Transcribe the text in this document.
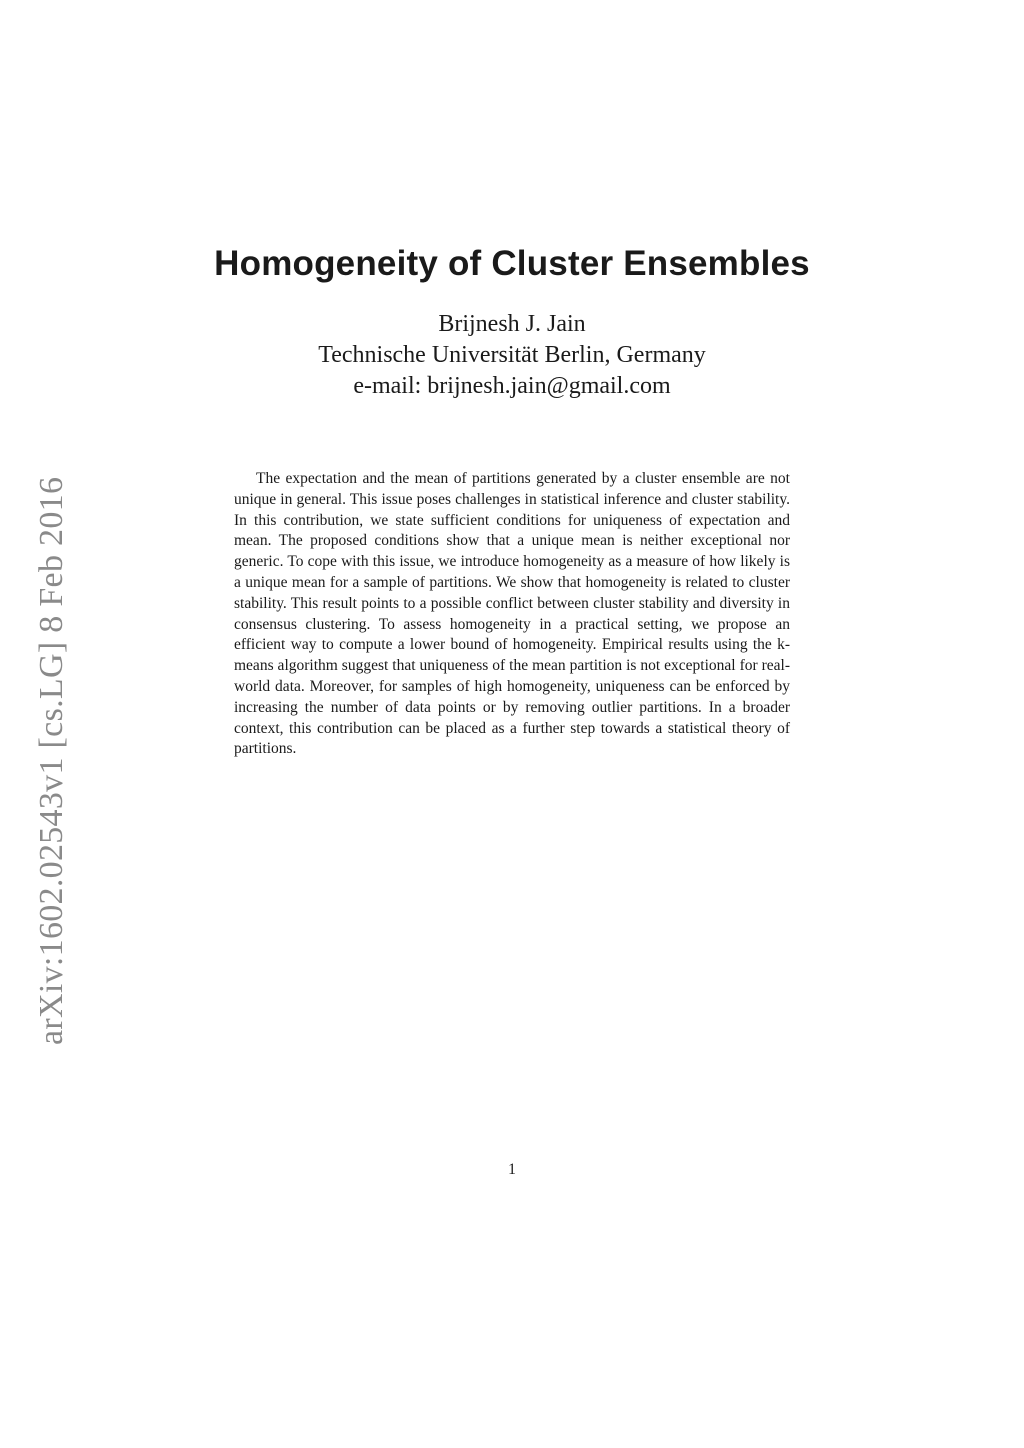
Homogeneity of Cluster Ensembles
Brijnesh J. Jain
Technische Universität Berlin, Germany
e-mail: brijnesh.jain@gmail.com

The expectation and the mean of partitions generated by a cluster ensemble are not unique in general. This issue poses challenges in statistical inference and cluster stability. In this contribution, we state sufficient conditions for uniqueness of expectation and mean. The proposed conditions show that a unique mean is neither exceptional nor generic. To cope with this issue, we introduce homogeneity as a measure of how likely is a unique mean for a sample of partitions. We show that homogeneity is related to cluster stability. This result points to a possible conflict between cluster stability and diversity in consensus clustering. To assess homogeneity in a practical setting, we propose an efficient way to compute a lower bound of homogeneity. Empirical results using the k-means algorithm suggest that uniqueness of the mean partition is not exceptional for real-world data. Moreover, for samples of high homogeneity, uniqueness can be enforced by increasing the number of data points or by removing outlier partitions. In a broader context, this contribution can be placed as a further step towards a statistical theory of partitions.

1
arXiv:1602.02543v1 [cs.LG] 8 Feb 2016
